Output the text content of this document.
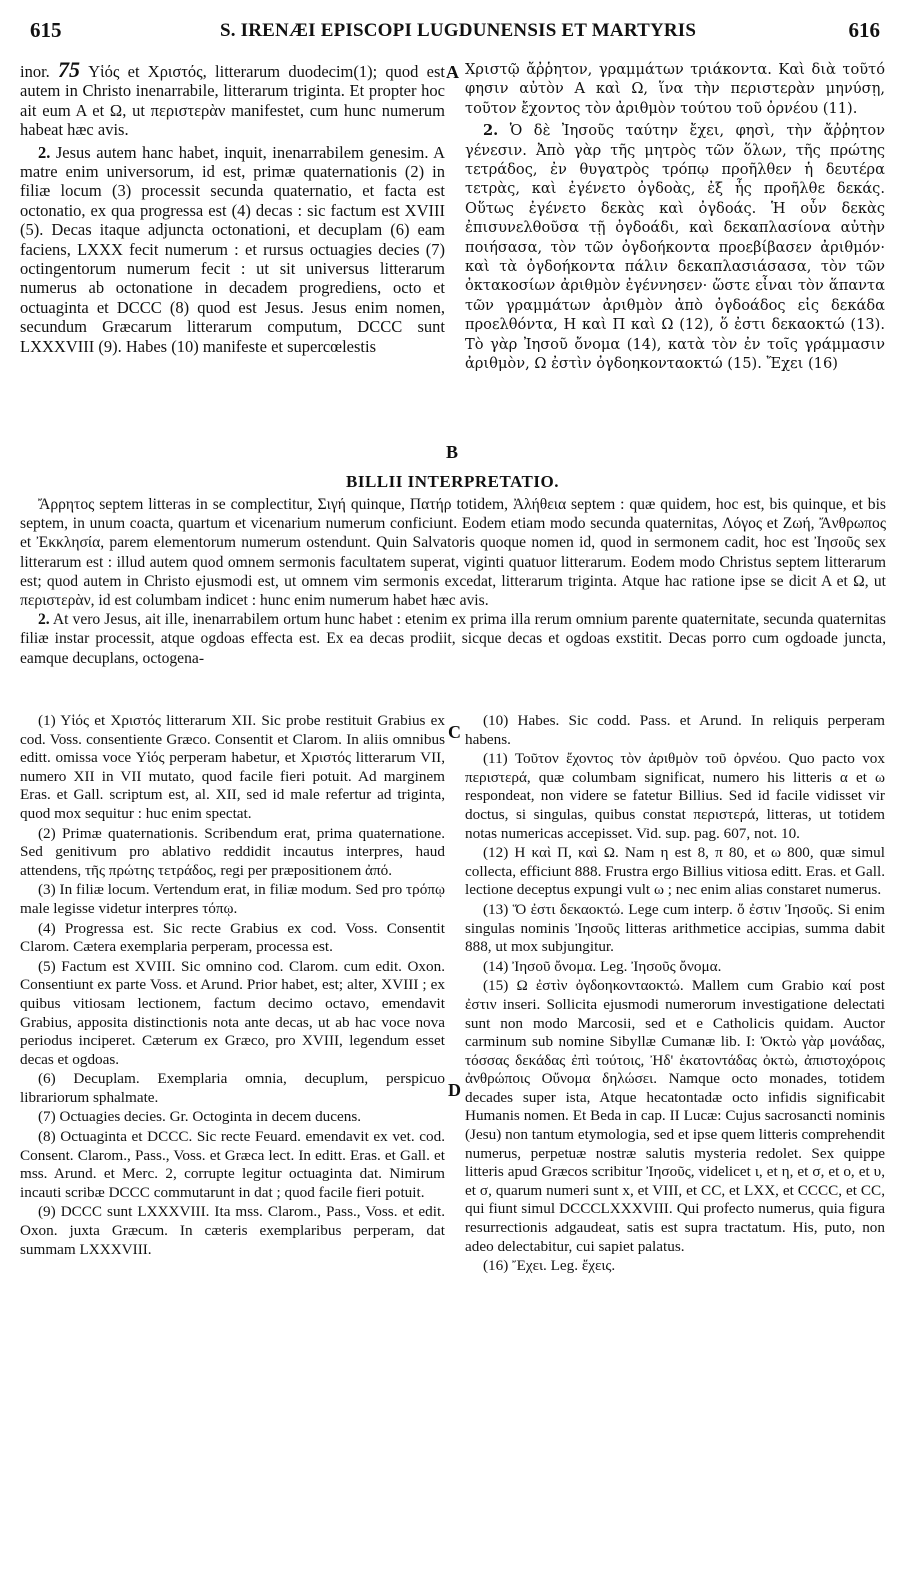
615	S. IRENÆI EPISCOPI LUGDUNENSIS ET MARTYRIS	616
A
B
C
D

inor. 75 Υἱός et Χριστός, litterarum duodecim(1); quod est autem in Christo inenarrabile, litterarum triginta. Et propter hoc ait eum A et Ω, ut περιστερὰν manifestet, cum hunc numerum habeat hæc avis.

2. Jesus autem hanc habet, inquit, inenarrabilem genesim. A matre enim universorum, id est, primæ quaternationis (2) in filiæ locum (3) processit secunda quaternatio, et facta est octonatio, ex qua progressa est (4) decas : sic factum est XVIII (5). Decas itaque adjuncta octonationi, et decuplam (6) eam faciens, LXXX fecit numerum : et rursus octuagies decies (7) octingentorum numerum fecit : ut sit universus litterarum numerus ab octonatione in decadem progrediens, octo et octuaginta et DCCC (8) quod est Jesus. Jesus enim nomen, secundum Græcarum litterarum computum, DCCC sunt LXXXVIII (9). Habes (10) manifeste et supercœlestis

Χριστῷ ἄῤῥητον, γραμμάτων τριάκοντα. Καὶ διὰ τοῦτό φησιν αὐτὸν Α καὶ Ω, ἵνα τὴν περιστερὰν μηνύσῃ, τοῦτον ἔχοντος τὸν ἀριθμὸν τούτου τοῦ ὀρνέου (11).

2. Ὁ δὲ Ἰησοῦς ταύτην ἔχει, φησὶ, τὴν ἄῤῥητον γένεσιν. Ἀπὸ γὰρ τῆς μητρὸς τῶν ὅλων, τῆς πρώτης τετράδος, ἐν θυγατρὸς τρόπῳ προῆλθεν ἡ δευτέρα τετρὰς, καὶ ἐγένετο ὀγδοὰς, ἐξ ἧς προῆλθε δεκάς. Οὕτως ἐγένετο δεκὰς καὶ ὀγδοάς. Ἡ οὖν δεκὰς ἐπισυνελθοῦσα τῇ ὀγδοάδι, καὶ δεκαπλασίονα αὐτὴν ποιήσασα, τὸν τῶν ὀγδοήκοντα προεβίβασεν ἀριθμόν· καὶ τὰ ὀγδοήκοντα πάλιν δεκαπλασιάσασα, τὸν τῶν ὀκτακοσίων ἀριθμὸν ἐγέννησεν· ὥστε εἶναι τὸν ἅπαντα τῶν γραμμάτων ἀριθμὸν ἀπὸ ὀγδοάδος εἰς δεκάδα προελθόντα, Η καὶ Π καὶ Ω (12), ὅ ἐστι δεκαοκτώ (13). Τὸ γὰρ Ἰησοῦ ὄνομα (14), κατὰ τὸν ἐν τοῖς γράμμασιν ἀριθμὸν, Ω ἐστὶν ὀγδοηκονταοκτώ (15). Ἔχει (16)

BILLII INTERPRETATIO.

Ἄρρητος septem litteras in se complectitur, Σιγή quinque, Πατήρ totidem, Ἀλήθεια septem : quæ quidem, hoc est, bis quinque, et bis septem, in unum coacta, quartum et vicenarium numerum conficiunt. Eodem etiam modo secunda quaternitas, Λόγος et Ζωή, Ἄνθρωπος et Ἐκκλησία, parem elementorum numerum ostendunt. Quin Salvatoris quoque nomen id, quod in sermonem cadit, hoc est Ἰησοῦς sex litterarum est : illud autem quod omnem sermonis facultatem superat, viginti quatuor litterarum. Eodem modo Christus septem litterarum est; quod autem in Christo ejusmodi est, ut omnem vim sermonis excedat, litterarum triginta. Atque hac ratione ipse se dicit A et Ω, ut περιστερὰν, id est columbam indicet : hunc enim numerum habet hæc avis.

2. At vero Jesus, ait ille, inenarrabilem ortum hunc habet : etenim ex prima illa rerum omnium parente quaternitate, secunda quaternitas filiæ instar processit, atque ogdoas effecta est. Ex ea decas prodiit, sicque decas et ogdoas exstitit. Decas porro cum ogdoade juncta, eamque decuplans, octogena-

(1) Υἱός et Χριστός litterarum XII. Sic probe restituit Grabius ex cod. Voss. consentiente Græco. Consentit et Clarom. In aliis omnibus editt. omissa voce Υἱός perperam habetur, et Χριστός litterarum VII, numero XII in VII mutato, quod facile fieri potuit. Ad marginem Eras. et Gall. scriptum est, al. XII, sed id male refertur ad triginta, quod mox sequitur : huc enim spectat.

(2) Primæ quaternationis. Scribendum erat, prima quaternatione. Sed genitivum pro ablativo reddidit incautus interpres, haud attendens, τῆς πρώτης τετράδος, regi per præpositionem ἀπό.

(3) In filiæ locum. Vertendum erat, in filiæ modum. Sed pro τρόπῳ male legisse videtur interpres τόπῳ.

(4) Progressa est. Sic recte Grabius ex cod. Voss. Consentit Clarom. Cætera exemplaria perperam, processa est.

(5) Factum est XVIII. Sic omnino cod. Clarom. cum edit. Oxon. Consentiunt ex parte Voss. et Arund. Prior habet, est; alter, XVIII ; ex quibus vitiosam lectionem, factum decimo octavo, emendavit Grabius, apposita distinctionis nota ante decas, ut ab hac voce nova periodus inciperet. Cæterum ex Græco, pro XVIII, legendum esset decas et ogdoas.

(6) Decuplam. Exemplaria omnia, decuplum, perspicuo librariorum sphalmate.

(7) Octuagies decies. Gr. Octoginta in decem ducens.

(8) Octuaginta et DCCC. Sic recte Feuard. emendavit ex vet. cod. Consent. Clarom., Pass., Voss. et Græca lect. In editt. Eras. et Gall. et mss. Arund. et Merc. 2, corrupte legitur octuaginta dat. Nimirum incauti scribæ DCCC commutarunt in dat ; quod facile fieri potuit.

(9) DCCC sunt LXXXVIII. Ita mss. Clarom., Pass., Voss. et edit. Oxon. juxta Græcum. In cæteris exemplaribus perperam, dat summam LXXXVIII.

(10) Habes. Sic codd. Pass. et Arund. In reliquis perperam habens.

(11) Τοῦτον ἔχοντος τὸν ἀριθμὸν τοῦ ὀρνέου. Quo pacto vox περιστερά, quæ columbam significat, numero his litteris α et ω respondeat, non videre se fatetur Billius. Sed id facile vidisset vir doctus, si singulas, quibus constat περιστερά, litteras, ut totidem notas numericas accepisset. Vid. sup. pag. 607, not. 10.

(12) Η καὶ Π, καὶ Ω. Nam η est 8, π 80, et ω 800, quæ simul collecta, efficiunt 888. Frustra ergo Billius vitiosa editt. Eras. et Gall. lectione deceptus expungi vult ω ; nec enim alias constaret numerus.

(13) Ὅ ἐστι δεκαοκτώ. Lege cum interp. ὅ ἐστιν Ἰησοῦς. Si enim singulas nominis Ἰησοῦς litteras arithmetice accipias, summa dabit 888, ut mox subjungitur.

(14) Ἰησοῦ ὄνομα. Leg. Ἰησοῦς ὄνομα.

(15) Ω ἐστὶν ὀγδοηκονταοκτώ. Mallem cum Grabio καί post ἐστιν inseri. Sollicita ejusmodi numerorum investigatione delectati sunt non modo Marcosii, sed et e Catholicis quidam. Auctor carminum sub nomine Sibyllæ Cumanæ lib. I: Ὀκτὼ γὰρ μονάδας, τόσσας δεκάδας ἐπὶ τούτοις, Ἠδ' ἑκατοντάδας ὀκτὼ, ἀπιστοχόροις ἀνθρώποις Οὔνομα δηλώσει. Namque octo monades, totidem decades super ista, Atque hecatontadæ octo infidis significabit Humanis nomen. Et Beda in cap. II Lucæ: Cujus sacrosancti nominis (Jesu) non tantum etymologia, sed et ipse quem litteris comprehendit numerus, perpetuæ nostræ salutis mysteria redolet. Sex quippe litteris apud Græcos scribitur Ἰησοῦς, videlicet ι, et η, et σ, et ο, et υ, et σ, quarum numeri sunt x, et VIII, et CC, et LXX, et CCCC, et CC, qui fiunt simul DCCCLXXXVIII. Qui profecto numerus, quia figura resurrectionis adgaudeat, satis est supra tractatum. His, puto, non adeo delectabitur, cui sapiet palatus.

(16) Ἔχει. Leg. ἔχεις.
